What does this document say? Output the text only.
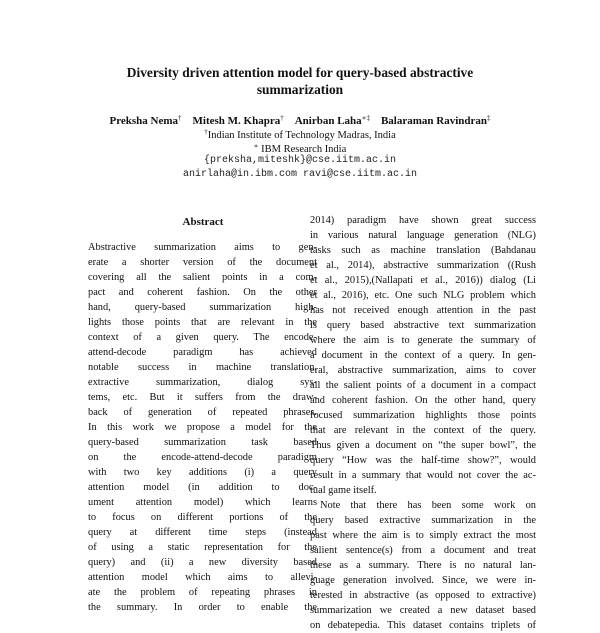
Diversity driven attention model for query-based abstractive
summarization
Preksha Nema† Mitesh M. Khapra† Anirban Laha∗‡ Balaraman Ravindran‡
†Indian Institute of Technology Madras, India
∗ IBM Research India
{preksha,miteshk}@cse.iitm.ac.in
anirlaha@in.ibm.com ravi@cse.iitm.ac.in
Abstract
Abstractive summarization aims to gen-
erate a shorter version of the document
covering all the salient points in a com-
pact and coherent fashion. On the other
hand, query-based summarization high-
lights those points that are relevant in the
context of a given query. The encode-
attend-decode paradigm has achieved
notable success in machine translation,
extractive summarization, dialog sys-
tems, etc. But it suffers from the draw-
back of generation of repeated phrases.
In this work we propose a model for the
query-based summarization task based
on the encode-attend-decode paradigm
with two key additions (i) a query
attention model (in addition to doc-
ument attention model) which learns
to focus on different portions of the
query at different time steps (instead
of using a static representation for the
query) and (ii) a new diversity based
attention model which aims to allevi-
ate the problem of repeating phrases in
the summary. In order to enable the
2014) paradigm have shown great success
in various natural language generation (NLG)
tasks such as machine translation (Bahdanau
et al., 2014), abstractive summarization ((Rush
et al., 2015),(Nallapati et al., 2016)) dialog (Li
et al., 2016), etc. One such NLG problem which
has not received enough attention in the past
is query based abstractive text summarization
where the aim is to generate the summary of
a document in the context of a query. In gen-
eral, abstractive summarization, aims to cover
all the salient points of a document in a compact
and coherent fashion. On the other hand, query
focused summarization highlights those points
that are relevant in the context of the query.
Thus given a document on “the super bowl”, the
query “How was the half-time show?”, would
result in a summary that would not cover the ac-
tual game itself.
Note that there has been some work on
query based extractive summarization in the
past where the aim is to simply extract the most
salient sentence(s) from a document and treat
these as a summary. There is no natural lan-
guage generation involved. Since, we were in-
terested in abstractive (as opposed to extractive)
summarization we created a new dataset based
on debatepedia. This dataset contains triplets of
